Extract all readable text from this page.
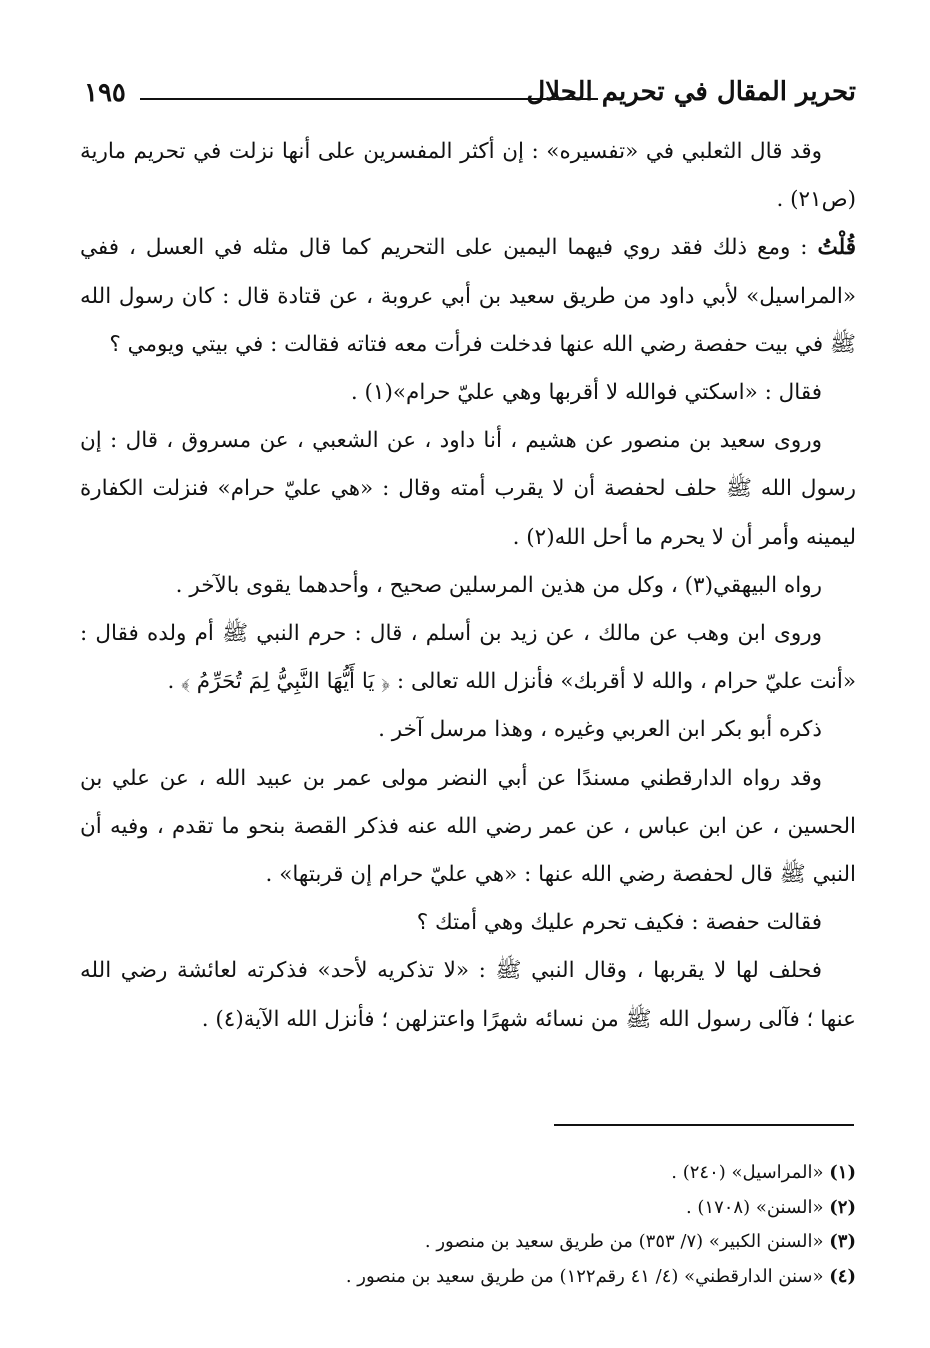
تحرير المقال في تحريم الحلال
١٩٥

وقد قال الثعلبي في «تفسيره» : إن أكثر المفسرين على أنها نزلت في تحريم مارية (ص٢١) .

قُلْتُ : ومع ذلك فقد روي فيهما اليمين على التحريم كما قال مثله في العسل ، ففي «المراسيل» لأبي داود من طريق سعيد بن أبي عروبة ، عن قتادة قال : كان رسول الله ﷺ في بيت حفصة رضي الله عنها فدخلت فرأت معه فتاته فقالت : في بيتي ويومي ؟

فقال : «اسكتي فوالله لا أقربها وهي عليّ حرام»(١) .

وروى سعيد بن منصور عن هشيم ، أنا داود ، عن الشعبي ، عن مسروق ، قال : إن رسول الله ﷺ حلف لحفصة أن لا يقرب أمته وقال : «هي عليّ حرام» فنزلت الكفارة ليمينه وأمر أن لا يحرم ما أحل الله(٢) .

رواه البيهقي(٣) ، وكل من هذين المرسلين صحيح ، وأحدهما يقوى بالآخر .

وروى ابن وهب عن مالك ، عن زيد بن أسلم ، قال : حرم النبي ﷺ أم ولده فقال : «أنت عليّ حرام ، والله لا أقربك» فأنزل الله تعالى : ﴿ يَا أَيُّهَا النَّبِيُّ لِمَ تُحَرِّمُ ﴾ .

ذكره أبو بكر ابن العربي وغيره ، وهذا مرسل آخر .

وقد رواه الدارقطني مسندًا عن أبي النضر مولى عمر بن عبيد الله ، عن علي بن الحسين ، عن ابن عباس ، عن عمر رضي الله عنه فذكر القصة بنحو ما تقدم ، وفيه أن النبي ﷺ قال لحفصة رضي الله عنها : «هي عليّ حرام إن قربتها» .

فقالت حفصة : فكيف تحرم عليك وهي أمتك ؟

فحلف لها لا يقربها ، وقال النبي ﷺ : «لا تذكريه لأحد» فذكرته لعائشة رضي الله عنها ؛ فآلى رسول الله ﷺ من نسائه شهرًا واعتزلهن ؛ فأنزل الله الآية(٤) .

(١) «المراسيل» (٢٤٠) .

(٢) «السنن» (١٧٠٨) .

(٣) «السنن الكبير» (٧/ ٣٥٣) من طريق سعيد بن منصور .

(٤) «سنن الدارقطني» (٤/ ٤١ رقم١٢٢) من طريق سعيد بن منصور .
